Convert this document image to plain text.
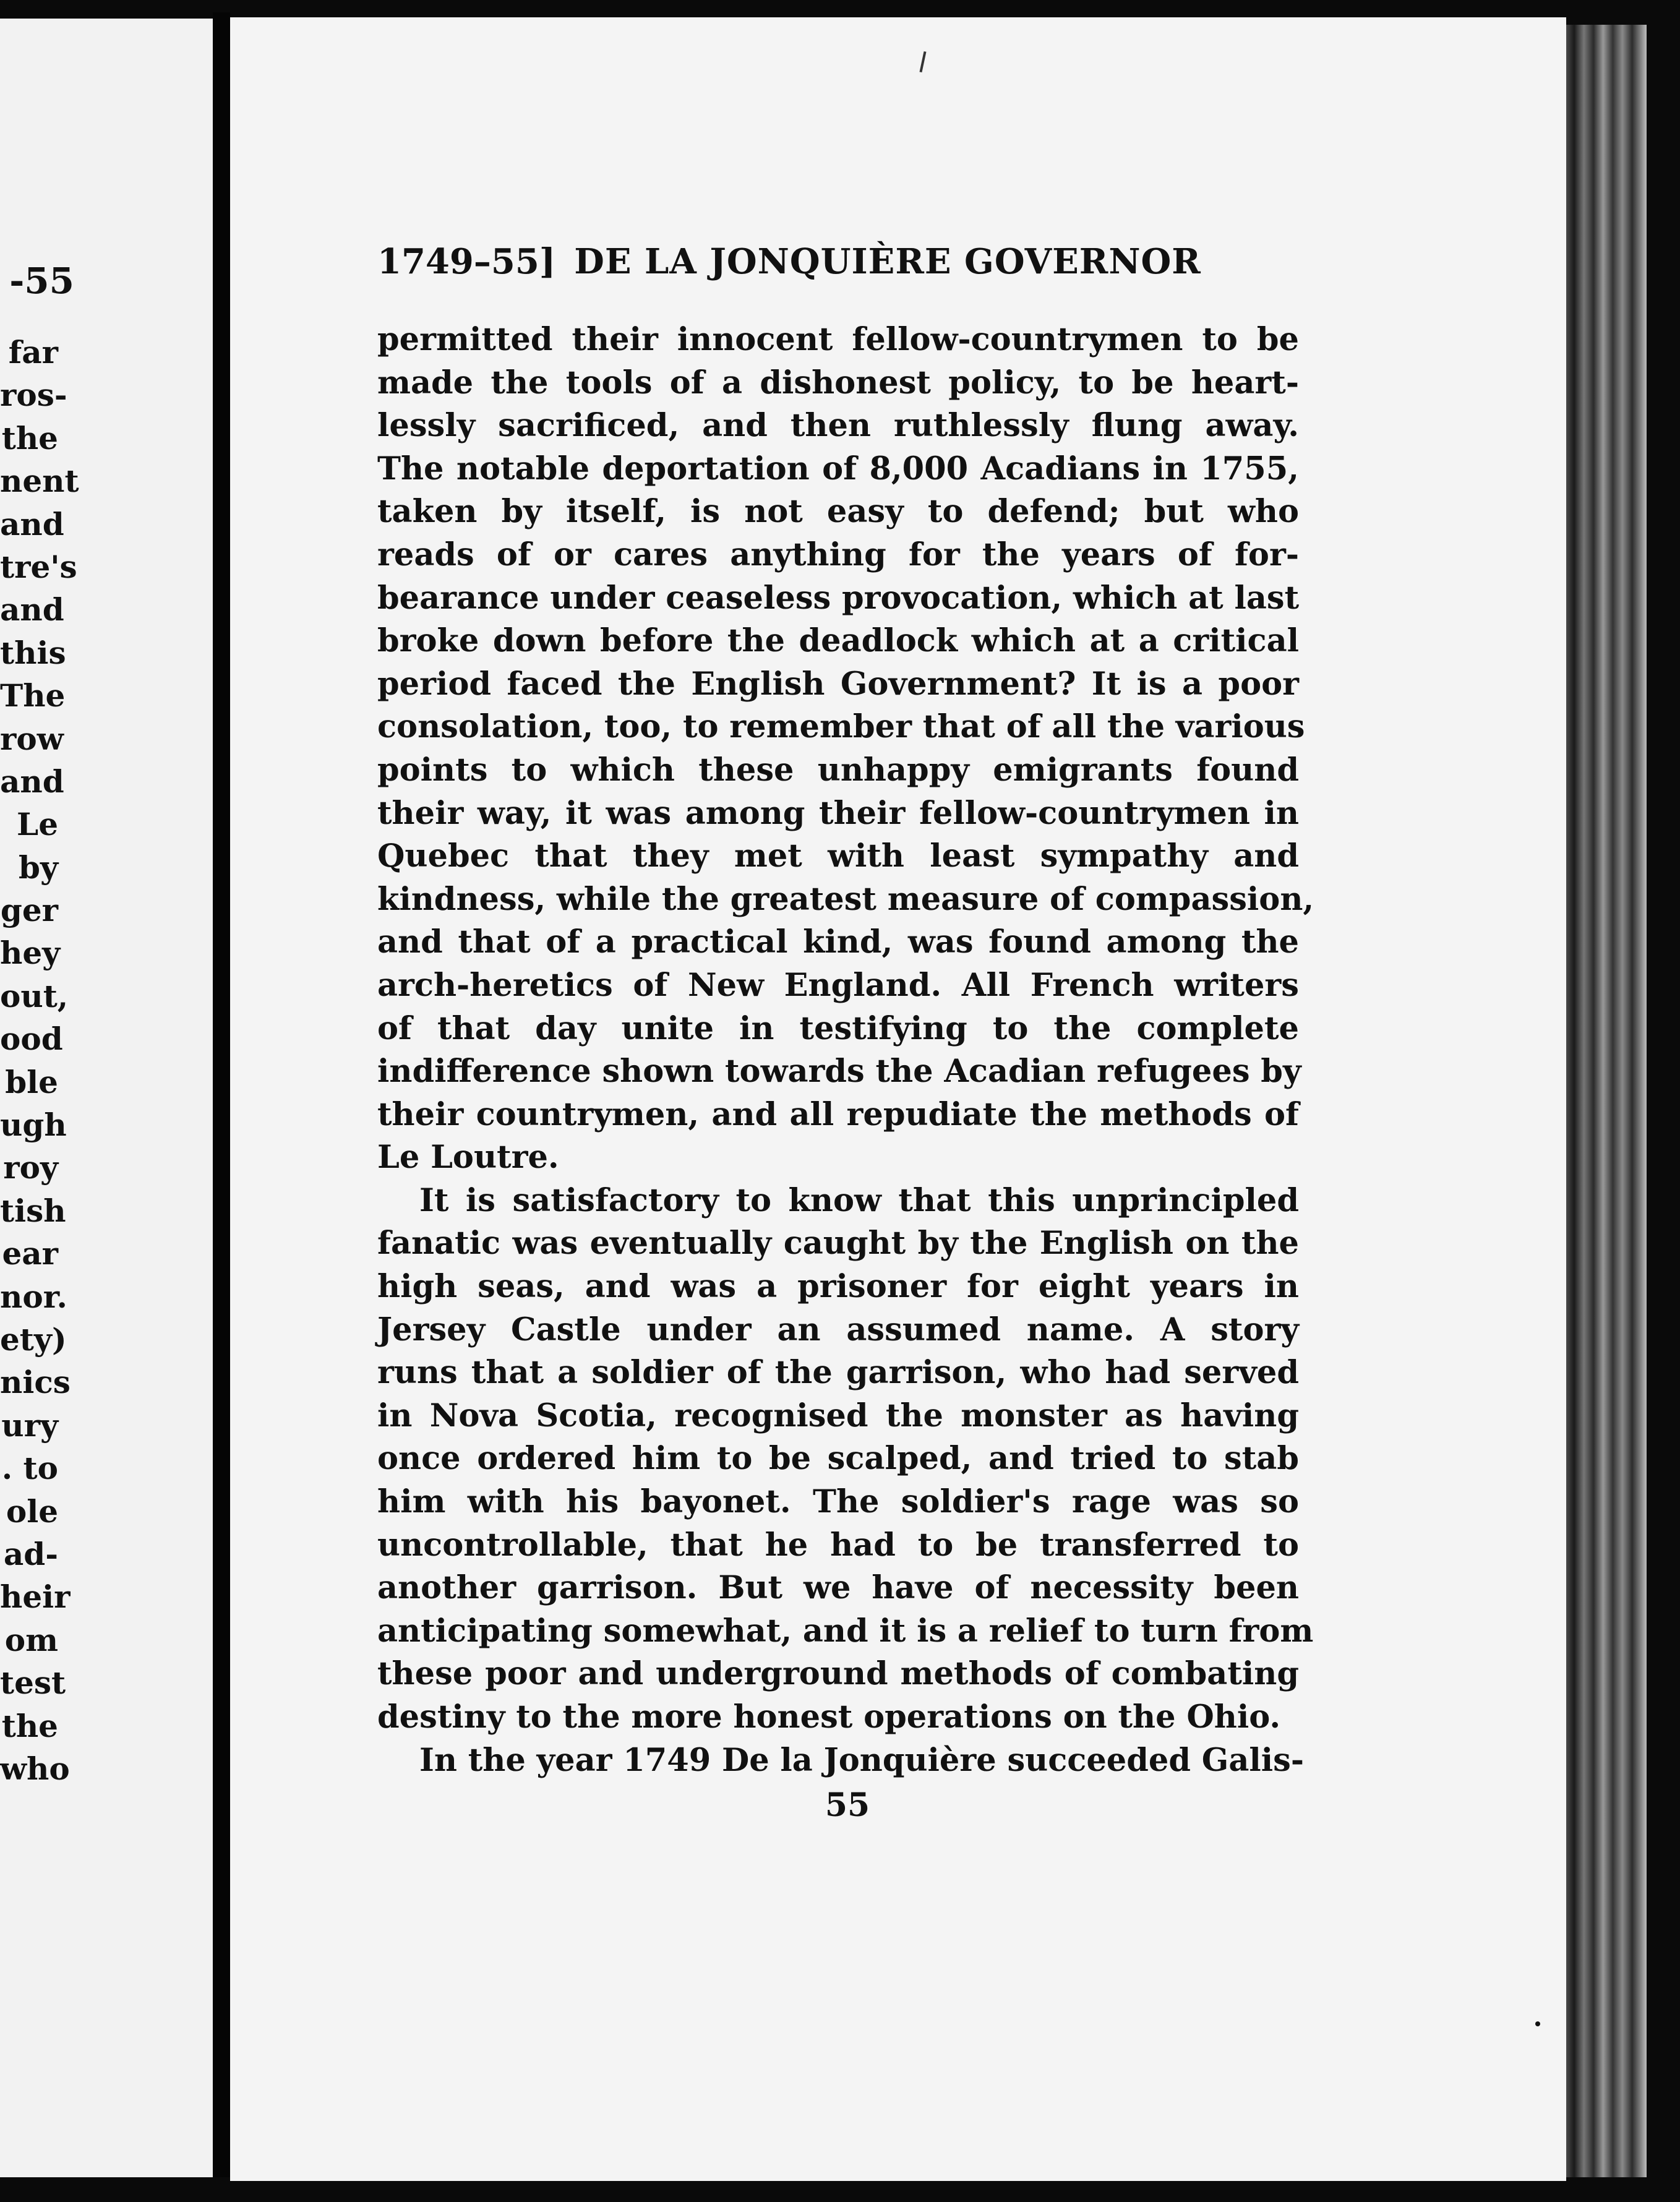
-55
far
ros-
the
nent
and
tre's
and
this
The
row
and
Le
by
ger
hey
out,
ood
ble
ugh
roy
tish
ear
nor.
ety)
nics
ury
. to
ole
ad-
heir
om
test
the
who
1749–55] DE LA JONQUIÈRE GOVERNOR
permitted their innocent fellow-countrymen to be
made the tools of a dishonest policy, to be heart-
lessly sacrificed, and then ruthlessly flung away.
The notable deportation of 8,000 Acadians in 1755,
taken by itself, is not easy to defend; but who
reads of or cares anything for the years of for-
bearance under ceaseless provocation, which at last
broke down before the deadlock which at a critical
period faced the English Government? It is a poor
consolation, too, to remember that of all the various
points to which these unhappy emigrants found
their way, it was among their fellow-countrymen in
Quebec that they met with least sympathy and
kindness, while the greatest measure of compassion,
and that of a practical kind, was found among the
arch-heretics of New England. All French writers
of that day unite in testifying to the complete
indifference shown towards the Acadian refugees by
their countrymen, and all repudiate the methods of
Le Loutre.
It is satisfactory to know that this unprincipled
fanatic was eventually caught by the English on the
high seas, and was a prisoner for eight years in
Jersey Castle under an assumed name. A story
runs that a soldier of the garrison, who had served
in Nova Scotia, recognised the monster as having
once ordered him to be scalped, and tried to stab
him with his bayonet. The soldier's rage was so
uncontrollable, that he had to be transferred to
another garrison. But we have of necessity been
anticipating somewhat, and it is a relief to turn from
these poor and underground methods of combating
destiny to the more honest operations on the Ohio.
In the year 1749 De la Jonquière succeeded Galis-
55
